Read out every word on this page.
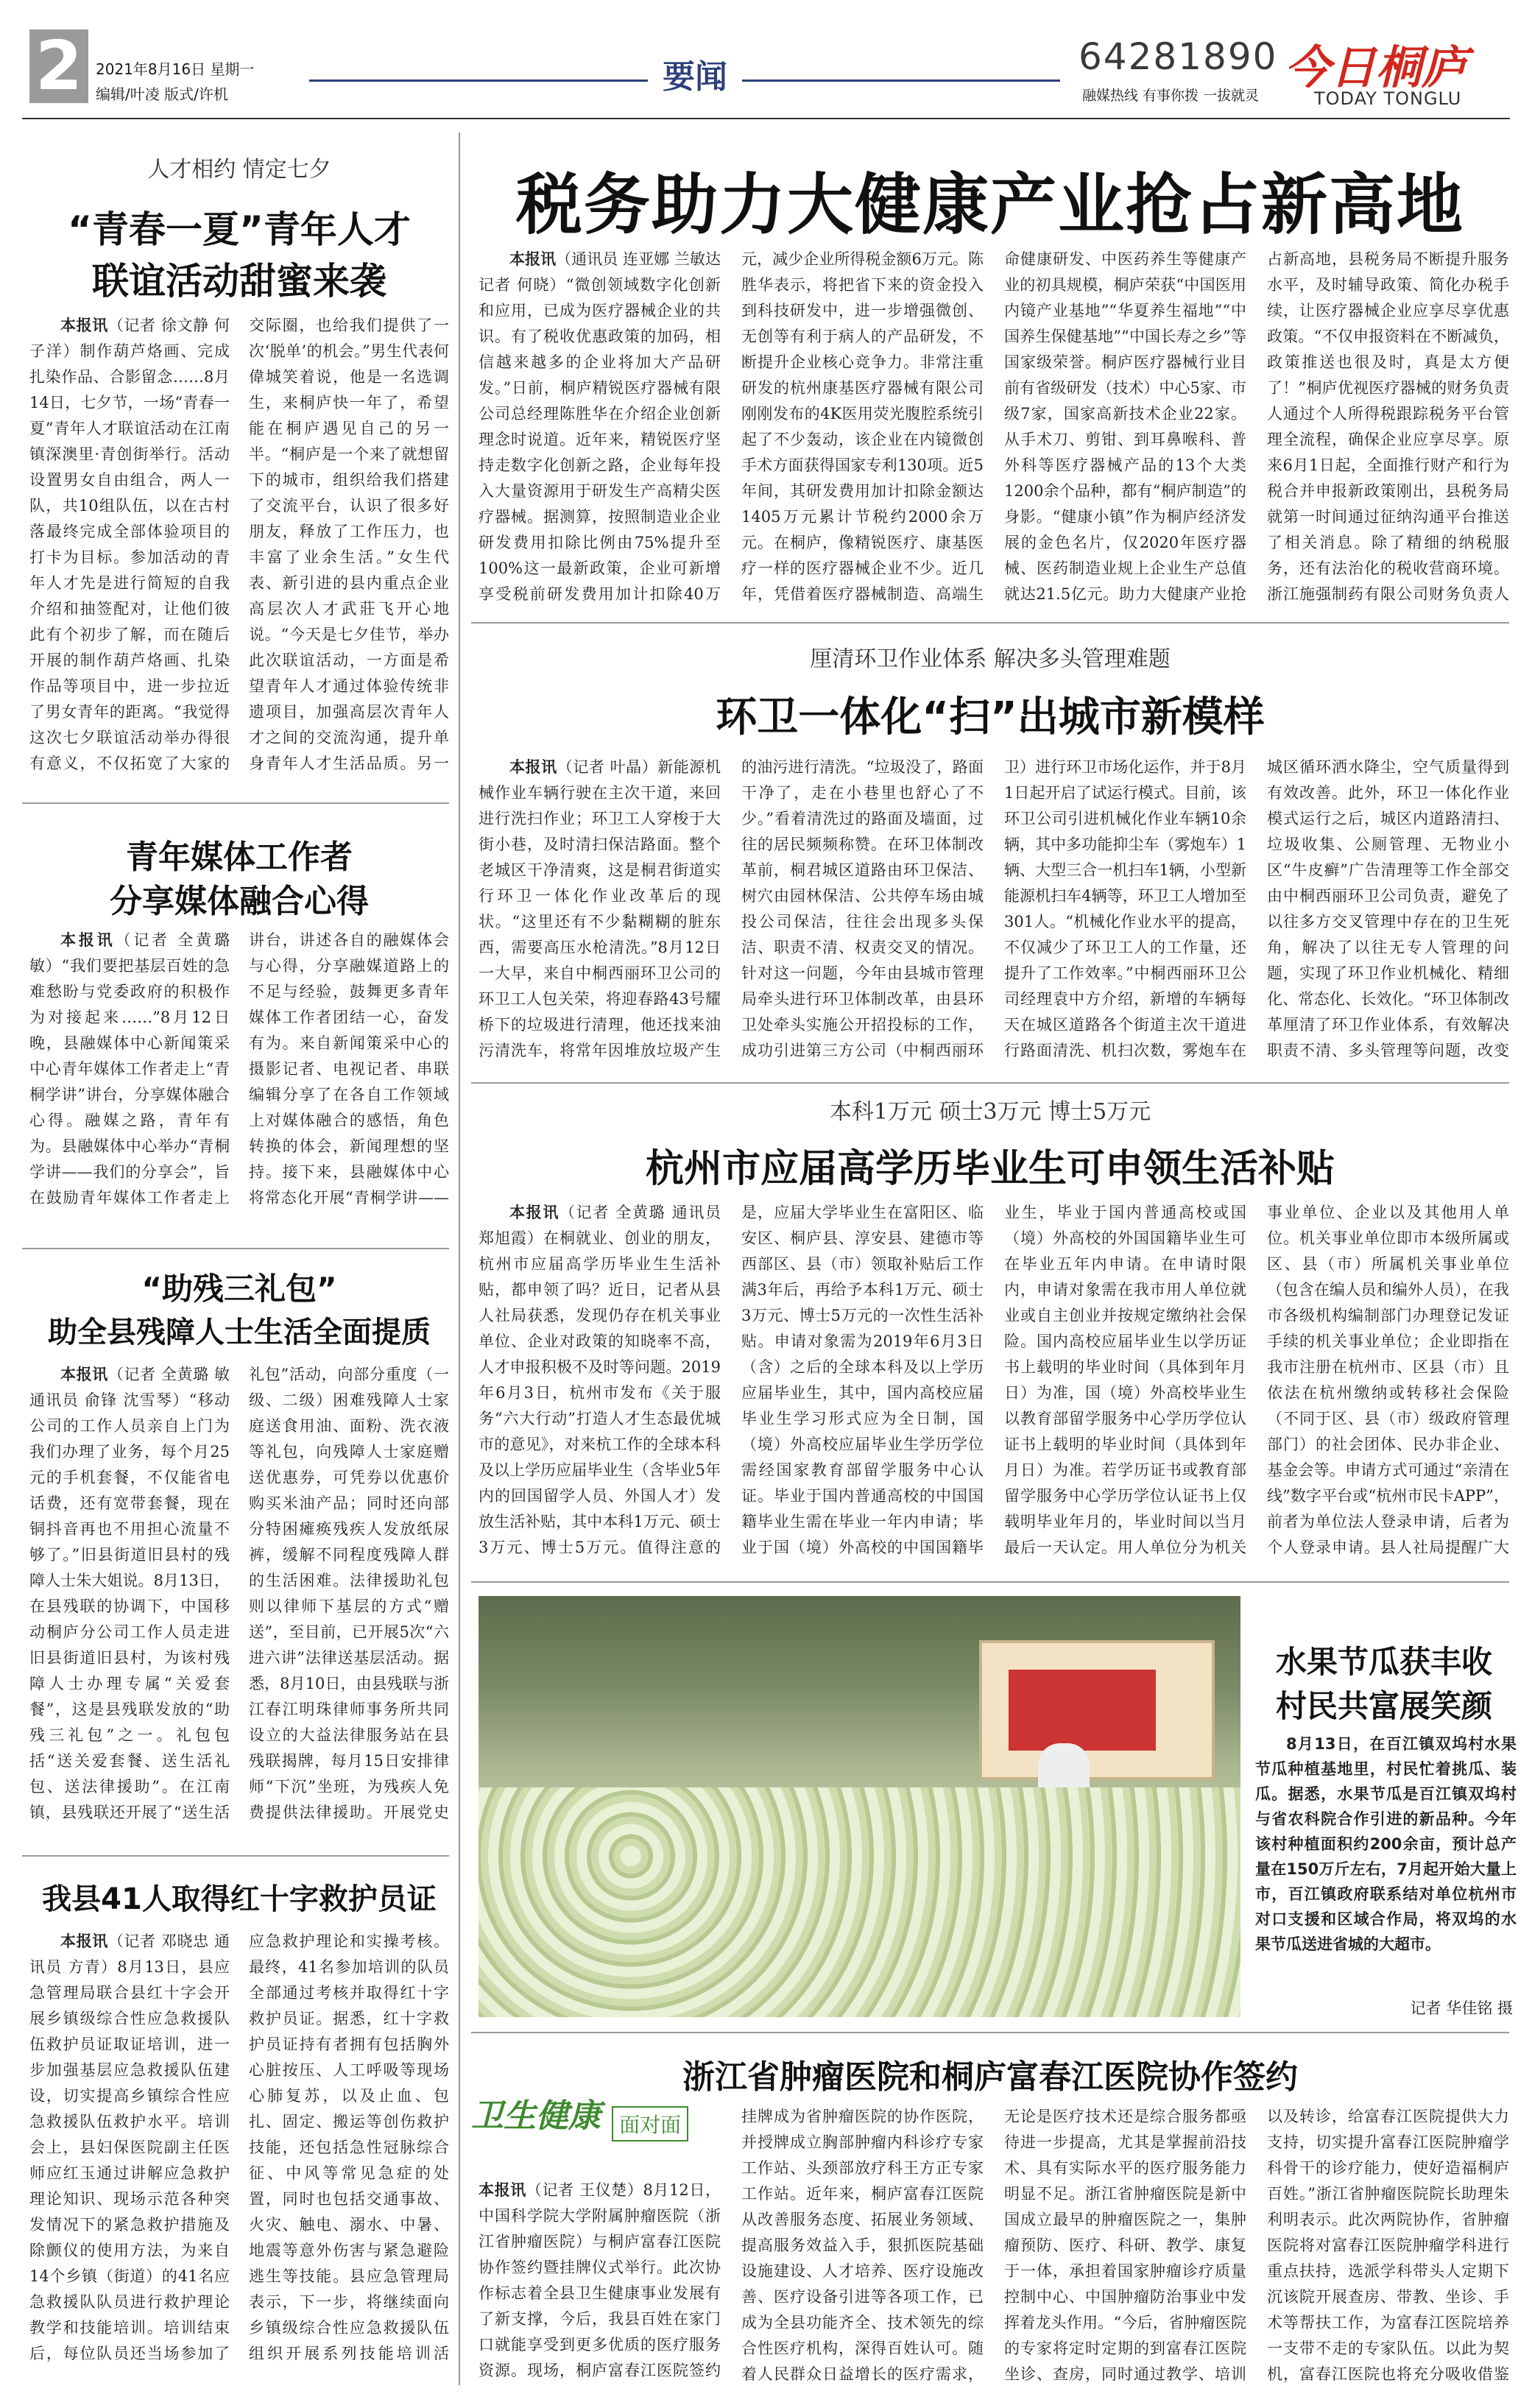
2 2021年8月16日 星期一
编辑/叶凌 版式/许机	要闻	64281890
融媒热线 有事你拨 一拔就灵
今日桐庐
TODAY TONGLU
人才相约 情定七夕
“青春一夏”青年人才
联谊活动甜蜜来袭
本报讯（记者 徐文静 何子洋）制作葫芦烙画、完成扎染作品、合影留念……8月14日，七夕节，一场“青春一夏”青年人才联谊活动在江南镇深澳里·青创街举行。活动设置男女自由组合，两人一队，共10组队伍，以在古村落最终完成全部体验项目的打卡为目标。参加活动的青年人才先是进行简短的自我介绍和抽签配对，让他们彼此有个初步了解，而在随后开展的制作葫芦烙画、扎染作品等项目中，进一步拉近了男女青年的距离。“我觉得这次七夕联谊活动举办得很有意义，不仅拓宽了大家的交际圈，也给我们提供了一次‘脱单’的机会。”男生代表何偉城笑着说，他是一名选调生，来桐庐快一年了，希望能在桐庐遇见自己的另一半。“桐庐是一个来了就想留下的城市，组织给我们搭建了交流平台，认识了很多好朋友，释放了工作压力，也丰富了业余生活。”女生代表、新引进的县内重点企业高层次人才武莊飞开心地说。“今天是七夕佳节，举办此次联谊活动，一方面是希望青年人才通过体验传统非遗项目，加强高层次青年人才之间的交流沟通，提升单身青年人才生活品质。另一
青年媒体工作者
分享媒体融合心得
本报讯（记者 全黄璐 敏）“我们要把基层百姓的急难愁盼与党委政府的积极作为对接起来……”8月12日晚，县融媒体中心新闻策采中心青年媒体工作者走上“青桐学讲”讲台，分享媒体融合心得。融媒之路，青年有为。县融媒体中心举办“青桐学讲——我们的分享会”，旨在鼓励青年媒体工作者走上讲台，讲述各自的融媒体会与心得，分享融媒道路上的不足与经验，鼓舞更多青年媒体工作者团结一心，奋发有为。来自新闻策采中心的摄影记者、电视记者、串联编辑分享了在各自工作领域上对媒体融合的感悟，角色转换的体会，新闻理想的坚持。接下来，县融媒体中心将常态化开展“青桐学讲——
“助残三礼包”
助全县残障人士生活全面提质
本报讯（记者 全黄璐 敏 通讯员 俞锋 沈雪琴）“移动公司的工作人员亲自上门为我们办理了业务，每个月25元的手机套餐，不仅能省电话费，还有宽带套餐，现在铜抖音再也不用担心流量不够了。”旧县街道旧县村的残障人士朱大姐说。8月13日，在县残联的协调下，中国移动桐庐分公司工作人员走进旧县街道旧县村，为该村残障人士办理专属“关爱套餐”，这是县残联发放的“助残三礼包”之一。礼包包括“送关爱套餐、送生活礼包、送法律援助”。在江南镇，县残联还开展了“送生活礼包”活动，向部分重度（一级、二级）困难残障人士家庭送食用油、面粉、洗衣液等礼包，向残障人士家庭赠送优惠券，可凭券以优惠价购买米油产品；同时还向部分特困瘫痪残疾人发放纸尿裤，缓解不同程度残障人群的生活困难。法律援助礼包则以律师下基层的方式“赠送”，至目前，已开展5次“六进六讲”法律送基层活动。据悉，8月10日，由县残联与浙江春江明珠律师事务所共同设立的大益法律服务站在县残联揭牌，每月15日安排律师“下沉”坐班，为残疾人免费提供法律援助。开展党史
我县41人取得红十字救护员证
本报讯（记者 邓晓忠 通讯员 方青）8月13日，县应急管理局联合县红十字会开展乡镇级综合性应急救援队伍救护员证取证培训，进一步加强基层应急救援队伍建设，切实提高乡镇综合性应急救援队伍救护水平。培训会上，县妇保医院副主任医师应红玉通过讲解应急救护理论知识、现场示范各种突发情况下的紧急救护措施及除颤仪的使用方法，为来自14个乡镇（街道）的41名应急救援队队员进行救护理论教学和技能培训。培训结束后，每位队员还当场参加了应急救护理论和实操考核。最终，41名参加培训的队员全部通过考核并取得红十字救护员证。据悉，红十字救护员证持有者拥有包括胸外心脏按压、人工呼吸等现场心肺复苏，以及止血、包扎、固定、搬运等创伤救护技能，还包括急性冠脉综合征、中风等常见急症的处置，同时也包括交通事故、火灾、触电、溺水、中暑、地震等意外伤害与紧急避险逃生等技能。县应急管理局表示，下一步，将继续面向乡镇级综合性应急救援队伍组织开展系列技能培训活
税务助力大健康产业抢占新高地
本报讯（通讯员 连亚娜 兰敏达 记者 何晓）“微创领域数字化创新和应用，已成为医疗器械企业的共识。有了税收优惠政策的加码，相信越来越多的企业将加大产品研发。”日前，桐庐精锐医疗器械有限公司总经理陈胜华在介绍企业创新理念时说道。近年来，精锐医疗坚持走数字化创新之路，企业每年投入大量资源用于研发生产高精尖医疗器械。据测算，按照制造业企业研发费用扣除比例由75%提升至100%这一最新政策，企业可新增享受税前研发费用加计扣除40万元，减少企业所得税金额6万元。陈胜华表示，将把省下来的资金投入到科技研发中，进一步增强微创、无创等有利于病人的产品研发，不断提升企业核心竞争力。非常注重研发的杭州康基医疗器械有限公司刚刚发布的4K医用荧光腹腔系统引起了不少轰动，该企业在内镜微创手术方面获得国家专利130项。近5年间，其研发费用加计扣除金额达1405万元累计节税约2000余万元。在桐庐，像精锐医疗、康基医疗一样的医疗器械企业不少。近几年，凭借着医疗器械制造、高端生命健康研发、中医药养生等健康产业的初具规模，桐庐荣获“中国医用内镜产业基地”“华夏养生福地”“中国养生保健基地”“中国长寿之乡”等国家级荣誉。桐庐医疗器械行业目前有省级研发（技术）中心5家、市级7家，国家高新技术企业22家。从手术刀、剪钳、到耳鼻喉科、普外科等医疗器械产品的13个大类1200余个品种，都有“桐庐制造”的身影。“健康小镇”作为桐庐经济发展的金色名片，仅2020年医疗器械、医药制造业规上企业生产总值就达21.5亿元。助力大健康产业抢占新高地，县税务局不断提升服务水平，及时辅导政策、简化办税手续，让医疗器械企业应享尽享优惠政策。“不仅申报资料在不断减负，政策推送也很及时，真是太方便了！”桐庐优视医疗器械的财务负责人通过个人所得税跟踪税务平台管理全流程，确保企业应享尽享。原来6月1日起，全面推行财产和行为税合并申报新政策刚出，县税务局就第一时间通过征纳沟通平台推送了相关消息。除了精细的纳税服务，还有法治化的税收营商环境。浙江施强制药有限公司财务负责人
厘清环卫作业体系 解决多头管理难题
环卫一体化“扫”出城市新模样
本报讯（记者 叶晶）新能源机械作业车辆行驶在主次干道，来回进行洗扫作业；环卫工人穿梭于大街小巷，及时清扫保洁路面。整个老城区干净清爽，这是桐君街道实行环卫一体化作业改革后的现状。“这里还有不少黏糊糊的脏东西，需要高压水枪清洗。”8月12日一大早，来自中桐西丽环卫公司的环卫工人包关荣，将迎春路43号耀桥下的垃圾进行清理，他还找来油污清洗车，将常年因堆放垃圾产生的油污进行清洗。“垃圾没了，路面干净了，走在小巷里也舒心了不少。”看着清洗过的路面及墙面，过往的居民频频称赞。在环卫体制改革前，桐君城区道路由环卫保洁、树穴由园林保洁、公共停车场由城投公司保洁，往往会出现多头保洁、职责不清、权责交叉的情况。针对这一问题，今年由县城市管理局牵头进行环卫体制改革，由县环卫处牵头实施公开招投标的工作，成功引进第三方公司（中桐西丽环卫）进行环卫市场化运作，并于8月1日起开启了试运行模式。目前，该环卫公司引进机械化作业车辆10余辆，其中多功能抑尘车（雾炮车）1辆、大型三合一机扫车1辆，小型新能源机扫车4辆等，环卫工人增加至301人。“机械化作业水平的提高，不仅减少了环卫工人的工作量，还提升了工作效率。”中桐西丽环卫公司经理袁中方介绍，新增的车辆每天在城区道路各个街道主次干道进行路面清洗、机扫次数，雾炮车在城区循环洒水降尘，空气质量得到有效改善。此外，环卫一体化作业模式运行之后，城区内道路清扫、垃圾收集、公厕管理、无物业小区“牛皮癣”广告清理等工作全部交由中桐西丽环卫公司负责，避免了以往多方交叉管理中存在的卫生死角，解决了以往无专人管理的问题，实现了环卫作业机械化、精细化、常态化、长效化。“环卫体制改革厘清了环卫作业体系，有效解决职责不清、多头管理等问题，改变
本科1万元 硕士3万元 博士5万元
杭州市应届高学历毕业生可申领生活补贴
本报讯（记者 全黄璐 通讯员 郑旭霞）在桐就业、创业的朋友，杭州市应届高学历毕业生生活补贴，都申领了吗？近日，记者从县人社局获悉，发现仍存在机关事业单位、企业对政策的知晓率不高，人才申报积极不及时等问题。2019年6月3日，杭州市发布《关于服务“六大行动”打造人才生态最优城市的意见》，对来杭工作的全球本科及以上学历应届毕业生（含毕业5年内的回国留学人员、外国人才）发放生活补贴，其中本科1万元、硕士3万元、博士5万元。值得注意的是，应届大学毕业生在富阳区、临安区、桐庐县、淳安县、建德市等西部区、县（市）领取补贴后工作满3年后，再给予本科1万元、硕士3万元、博士5万元的一次性生活补贴。申请对象需为2019年6月3日（含）之后的全球本科及以上学历应届毕业生，其中，国内高校应届毕业生学习形式应为全日制，国（境）外高校应届毕业生学历学位需经国家教育部留学服务中心认证。毕业于国内普通高校的中国国籍毕业生需在毕业一年内申请；毕业于国（境）外高校的中国国籍毕业生，毕业于国内普通高校或国（境）外高校的外国国籍毕业生可在毕业五年内申请。在申请时限内，申请对象需在我市用人单位就业或自主创业并按规定缴纳社会保险。国内高校应届毕业生以学历证书上载明的毕业时间（具体到年月日）为准，国（境）外高校毕业生以教育部留学服务中心学历学位认证书上载明的毕业时间（具体到年月日）为准。若学历证书或教育部留学服务中心学历学位认证书上仅载明毕业年月的，毕业时间以当月最后一天认定。用人单位分为机关事业单位、企业以及其他用人单位。机关事业单位即市本级所属或区、县（市）所属机关事业单位（包含在编人员和编外人员），在我市各级机构编制部门办理登记发证手续的机关事业单位；企业即指在我市注册在杭州市、区县（市）且依法在杭州缴纳或转移社会保险（不同于区、县（市）级政府管理部门）的社会团体、民办非企业、基金会等。申请方式可通过“亲清在线”数字平台或“杭州市民卡APP”，前者为单位法人登录申请，后者为个人登录申请。县人社局提醒广大
水果节瓜获丰收
村民共富展笑颜
8月13日，在百江镇双坞村水果节瓜种植基地里，村民忙着挑瓜、装瓜。据悉，水果节瓜是百江镇双坞村与省农科院合作引进的新品种。今年该村种植面积约200余亩，预计总产量在150万斤左右，7月起开始大量上市，百江镇政府联系结对单位杭州市对口支援和区域合作局，将双坞的水果节瓜送进省城的大超市。
记者 华佳铭 摄
浙江省肿瘤医院和桐庐富春江医院协作签约
卫生健康 面对面
本报讯（记者 王仪楚）8月12日，中国科学院大学附属肿瘤医院（浙江省肿瘤医院）与桐庐富春江医院协作签约暨挂牌仪式举行。此次协作标志着全县卫生健康事业发展有了新支撑，今后，我县百姓在家门口就能享受到更多优质的医疗服务资源。现场，桐庐富春江医院签约挂牌成为省肿瘤医院的协作医院，并授牌成立胸部肿瘤内科诊疗专家工作站、头颈部放疗科王方正专家工作站。近年来，桐庐富春江医院从改善服务态度、拓展业务领域、提高服务效益入手，狠抓医院基础设施建设、人才培养、医疗设施改善、医疗设备引进等各项工作，已成为全县功能齐全、技术领先的综合性医疗机构，深得百姓认可。随着人民群众日益增长的医疗需求，无论是医疗技术还是综合服务都亟待进一步提高，尤其是掌握前沿技术、具有实际水平的医疗服务能力明显不足。浙江省肿瘤医院是新中国成立最早的肿瘤医院之一，集肿瘤预防、医疗、科研、教学、康复于一体，承担着国家肿瘤诊疗质量控制中心、中国肿瘤防治事业中发挥着龙头作用。“今后，省肿瘤医院的专家将定时定期的到富春江医院坐诊、查房，同时通过教学、培训以及转诊，给富春江医院提供大力支持，切实提升富春江医院肿瘤学科骨干的诊疗能力，使好造福桐庐百姓。”浙江省肿瘤医院院长助理朱利明表示。此次两院协作，省肿瘤医院将对富春江医院肿瘤学科进行重点扶持，选派学科带头人定期下沉该院开展查房、带教、坐诊、手术等帮扶工作，为富春江医院培养一支带不走的专家队伍。以此为契机，富春江医院也将充分吸收借鉴
